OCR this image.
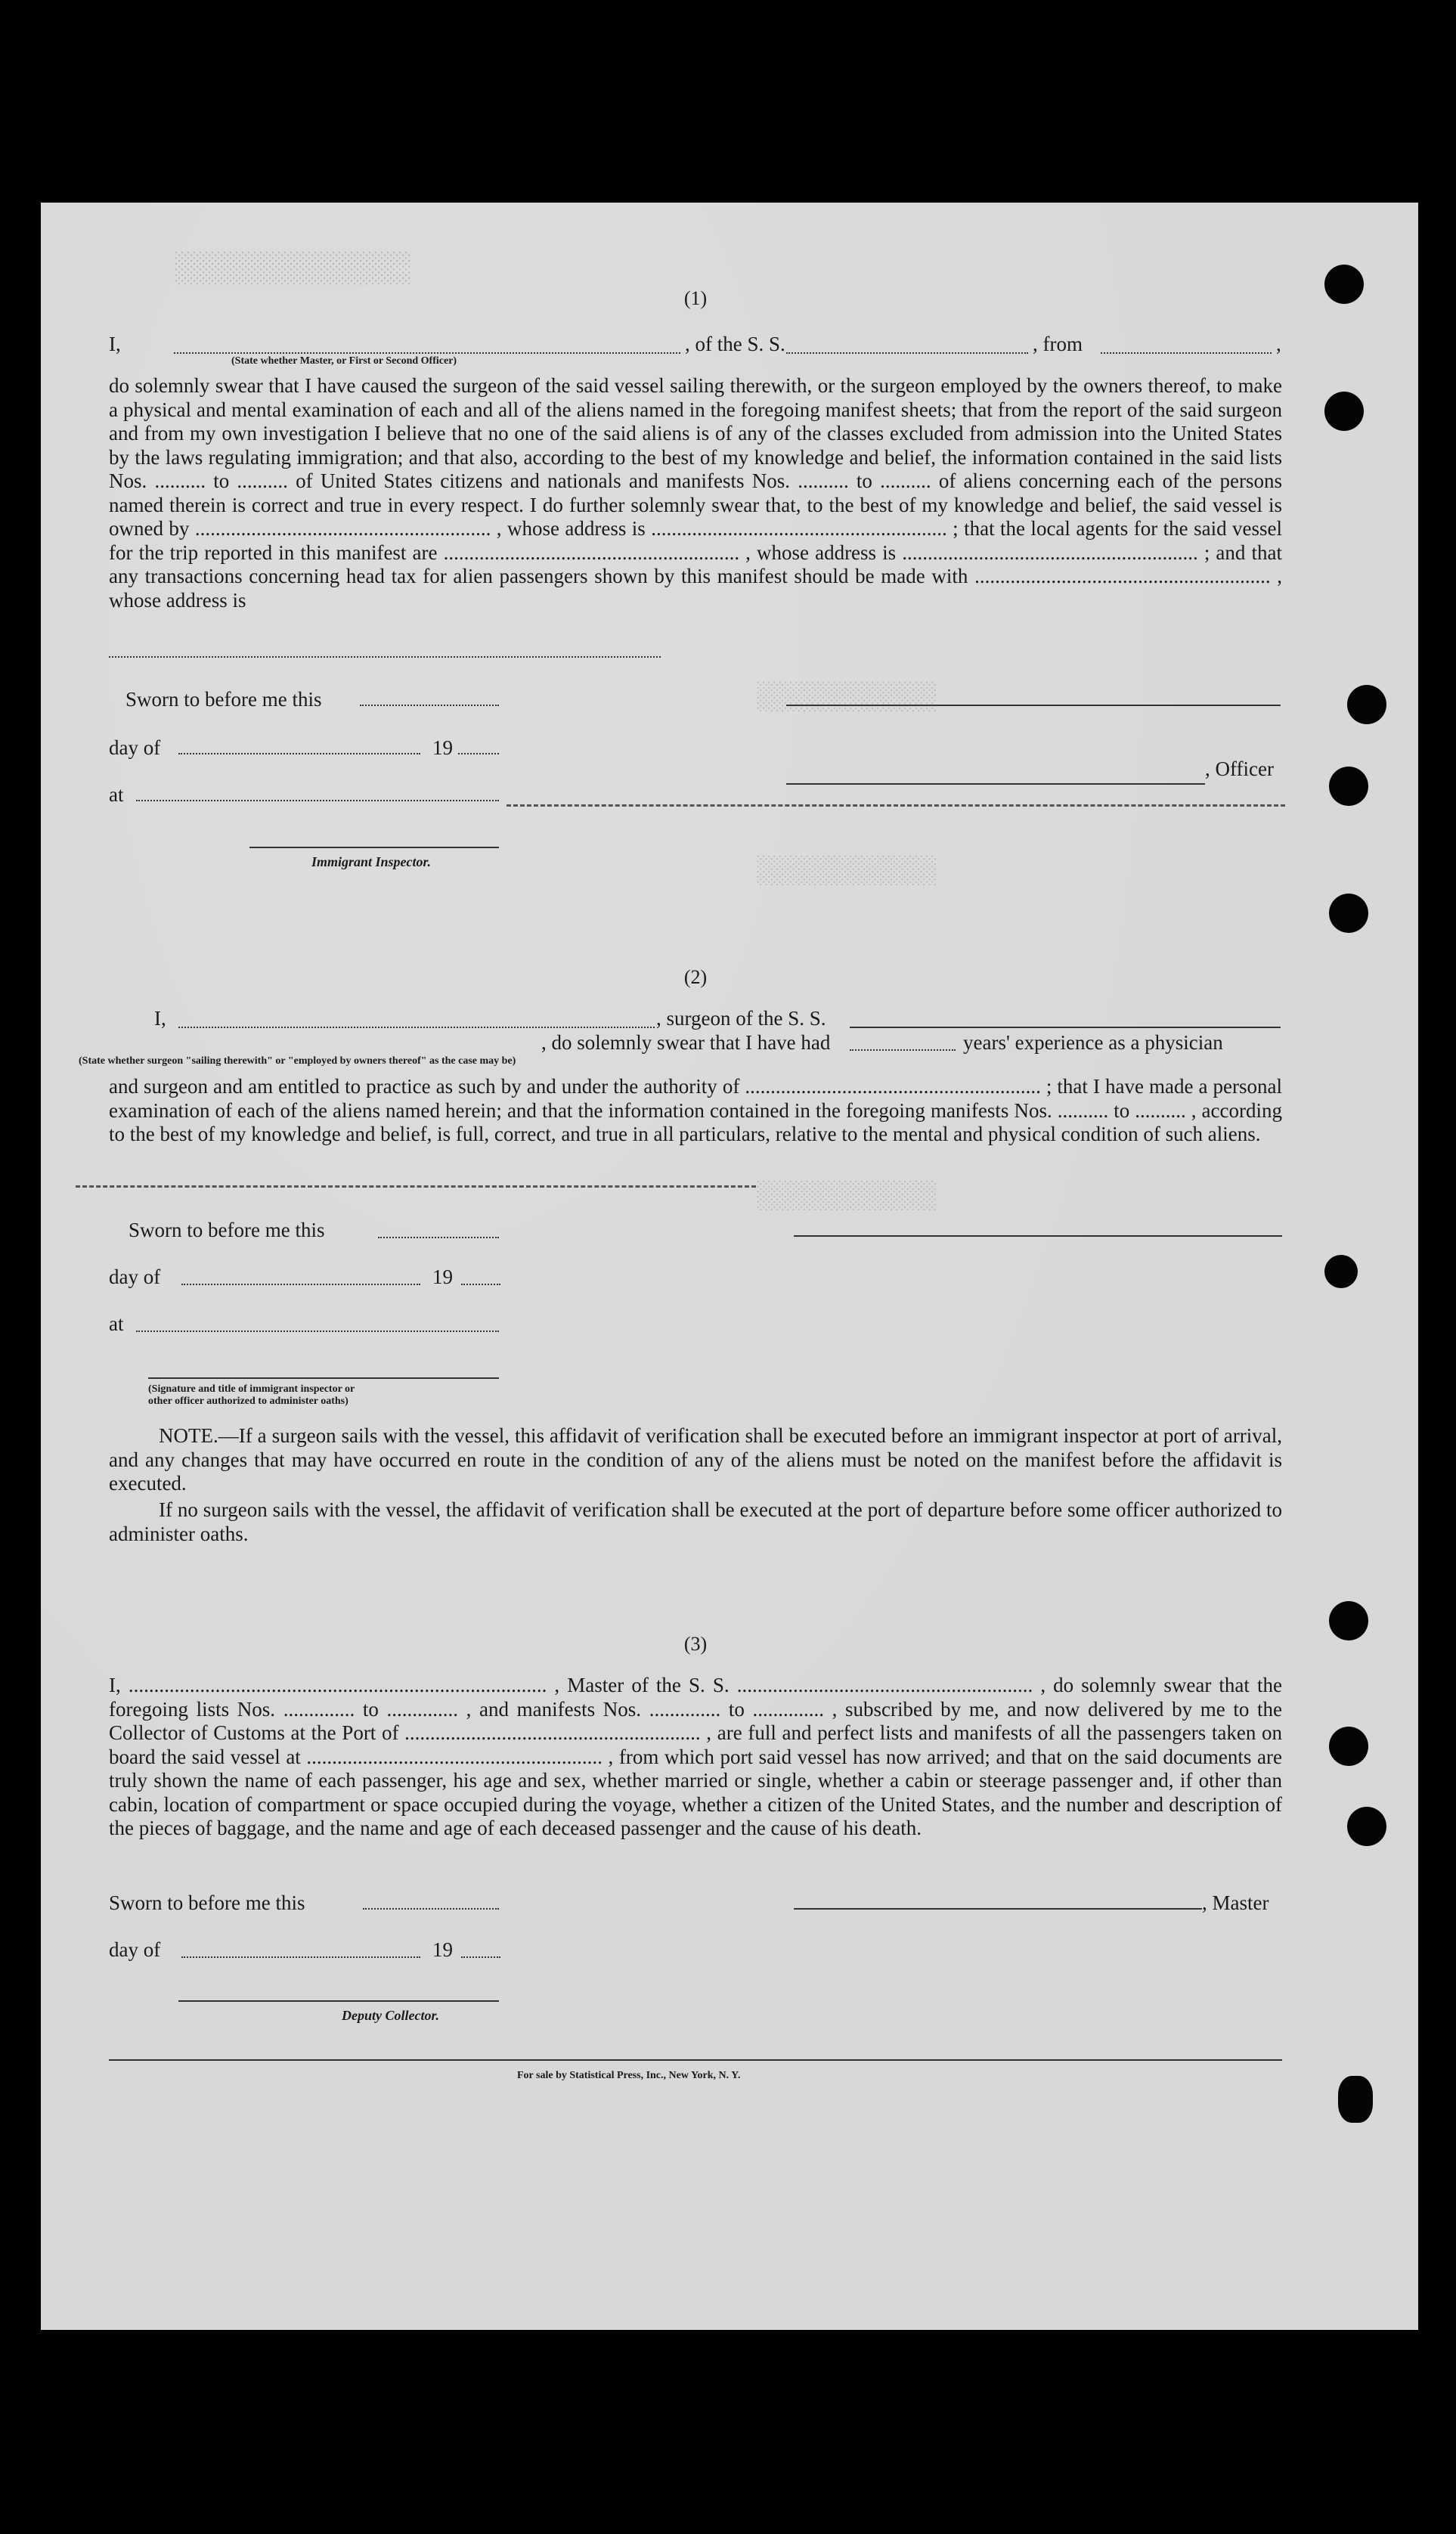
░░░░░░░░░░░░░
░░░░░░░░░░░
░░░░░░░░░░░
░░░░░░░░░░░
(1)
I,	, of the S. S.	, from	,
(State whether Master, or First or Second Officer)
do solemnly swear that I have caused the surgeon of the said vessel sailing therewith, or the surgeon employed by the owners thereof, to make a physical and mental examination of each and all of the aliens named in the foregoing manifest sheets; that from the report of the said surgeon and from my own investigation I believe that no one of the said aliens is of any of the classes excluded from admission into the United States by the laws regulating immigration; and that also, according to the best of my knowledge and belief, the information contained in the said lists Nos. .......... to .......... of United States citizens and nationals and manifests Nos. .......... to .......... of aliens concerning each of the persons named therein is correct and true in every respect. I do further solemnly swear that, to the best of my knowledge and belief, the said vessel is owned by .......................................................... , whose address is .......................................................... ; that the local agents for the said vessel for the trip reported in this manifest are .......................................................... , whose address is .......................................................... ; and that any transactions concerning head tax for alien passengers shown by this manifest should be made with .......................................................... , whose address is
Sworn to before me this
day of	19
, Officer
at
Immigrant Inspector.
(2)
I,	, surgeon of the S. S.
, do solemnly swear that I have had	years' experience as a physician
(State whether surgeon "sailing therewith" or "employed by owners thereof" as the case may be)
and surgeon and am entitled to practice as such by and under the authority of .......................................................... ; that I have made a personal examination of each of the aliens named herein; and that the information contained in the foregoing manifests Nos. .......... to .......... , according to the best of my knowledge and belief, is full, correct, and true in all particulars, relative to the mental and physical condition of such aliens.
Sworn to before me this
day of	19
at
(Signature and title of immigrant inspector or
other officer authorized to administer oaths)
NOTE.—If a surgeon sails with the vessel, this affidavit of verification shall be executed before an immigrant inspector at port of arrival, and any changes that may have occurred en route in the condition of any of the aliens must be noted on the manifest before the affidavit is executed.
If no surgeon sails with the vessel, the affidavit of verification shall be executed at the port of departure before some officer authorized to administer oaths.
(3)
I, .................................................................................. , Master of the S. S. .......................................................... , do solemnly swear that the foregoing lists Nos. .............. to .............. , and manifests Nos. .............. to .............. , subscribed by me, and now delivered by me to the Collector of Customs at the Port of .......................................................... , are full and perfect lists and manifests of all the passengers taken on board the said vessel at .......................................................... , from which port said vessel has now arrived; and that on the said documents are truly shown the name of each passenger, his age and sex, whether married or single, whether a cabin or steerage passenger and, if other than cabin, location of compartment or space occupied during the voyage, whether a citizen of the United States, and the number and description of the pieces of baggage, and the name and age of each deceased passenger and the cause of his death.
Sworn to before me this	, Master
day of	19
Deputy Collector.
For sale by Statistical Press, Inc., New York, N. Y.
